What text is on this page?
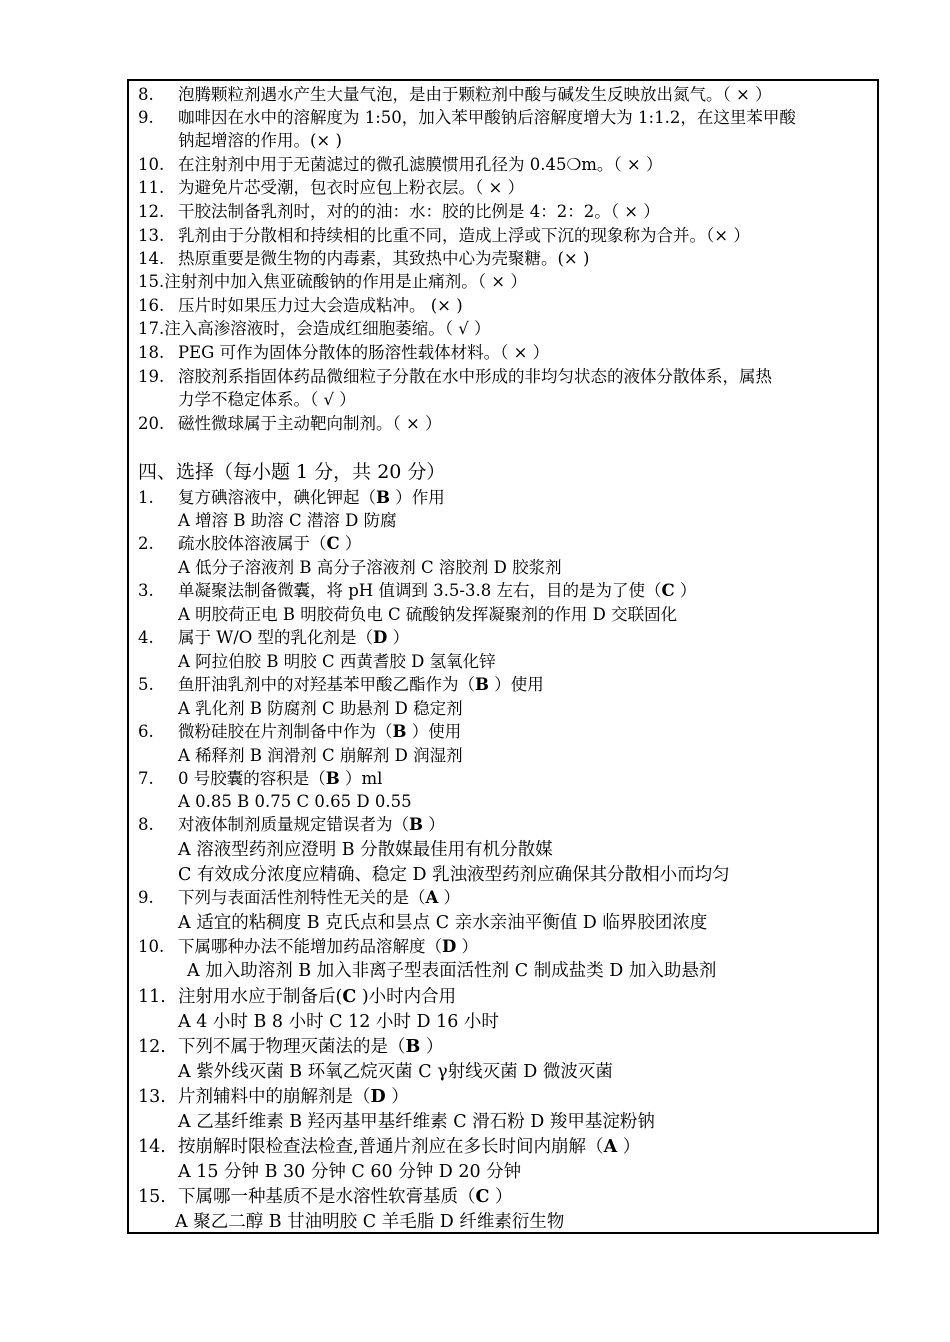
8. 泡腾颗粒剂遇水产生大量气泡，是由于颗粒剂中酸与碱发生反映放出氮气。（ × ）
9. 咖啡因在水中的溶解度为 1:50，加入苯甲酸钠后溶解度增大为 1:1.2，在这里苯甲酸
钠起增溶的作用。(× )
10. 在注射剂中用于无菌滤过的微孔滤膜惯用孔径为 0.45❍m。（ × ）
11. 为避免片芯受潮，包衣时应包上粉衣层。（ × ）
12. 干胶法制备乳剂时，对的的油：水：胶的比例是 4：2：2。（ × ）
13. 乳剂由于分散相和持续相的比重不同，造成上浮或下沉的现象称为合并。（× ）
14. 热原重要是微生物的内毒素，其致热中心为壳聚糖。(× )
15.注射剂中加入焦亚硫酸钠的作用是止痛剂。（ × ）
16. 压片时如果压力过大会造成粘冲。 (× )
17.注入高渗溶液时，会造成红细胞萎缩。（ √ ）
18. PEG 可作为固体分散体的肠溶性载体材料。（ × ）
19. 溶胶剂系指固体药品微细粒子分散在水中形成的非均匀状态的液体分散体系，属热
力学不稳定体系。（ √ ）
20. 磁性微球属于主动靶向制剂。（ × ）
四、选择（每小题 1 分，共 20 分）
1. 复方碘溶液中，碘化钾起（B ）作用
A 增溶 B 助溶 C 潜溶 D 防腐
2. 疏水胶体溶液属于（C ）
A 低分子溶液剂 B 高分子溶液剂 C 溶胶剂 D 胶浆剂
3. 单凝聚法制备微囊，将 pH 值调到 3.5-3.8 左右，目的是为了使（C ）
A 明胶荷正电 B 明胶荷负电 C 硫酸钠发挥凝聚剂的作用 D 交联固化
4. 属于 W/O 型的乳化剂是（D ）
A 阿拉伯胶 B 明胶 C 西黄耆胶 D 氢氧化锌
5. 鱼肝油乳剂中的对羟基苯甲酸乙酯作为（B ）使用
A 乳化剂 B 防腐剂 C 助悬剂 D 稳定剂
6. 微粉硅胶在片剂制备中作为（B ）使用
A 稀释剂 B 润滑剂 C 崩解剂 D 润湿剂
7. 0 号胶囊的容积是（B ）ml
A 0.85 B 0.75 C 0.65 D 0.55
8. 对液体制剂质量规定错误者为（B ）
A 溶液型药剂应澄明 B 分散媒最佳用有机分散媒
C 有效成分浓度应精确、稳定 D 乳浊液型药剂应确保其分散相小而均匀
9. 下列与表面活性剂特性无关的是（A ）
A 适宜的粘稠度 B 克氏点和昙点 C 亲水亲油平衡值 D 临界胶团浓度
10. 下属哪种办法不能增加药品溶解度（D ）
A 加入助溶剂 B 加入非离子型表面活性剂 C 制成盐类 D 加入助悬剂
11. 注射用水应于制备后(C )小时内合用
A 4 小时 B 8 小时 C 12 小时 D 16 小时
12. 下列不属于物理灭菌法的是（B ）
A 紫外线灭菌 B 环氧乙烷灭菌 C γ射线灭菌 D 微波灭菌
13. 片剂辅料中的崩解剂是（D ）
A 乙基纤维素 B 羟丙基甲基纤维素 C 滑石粉 D 羧甲基淀粉钠
14. 按崩解时限检查法检查,普通片剂应在多长时间内崩解（A ）
A 15 分钟 B 30 分钟 C 60 分钟 D 20 分钟
15. 下属哪一种基质不是水溶性软膏基质（C ）
A 聚乙二醇 B 甘油明胶 C 羊毛脂 D 纤维素衍生物
